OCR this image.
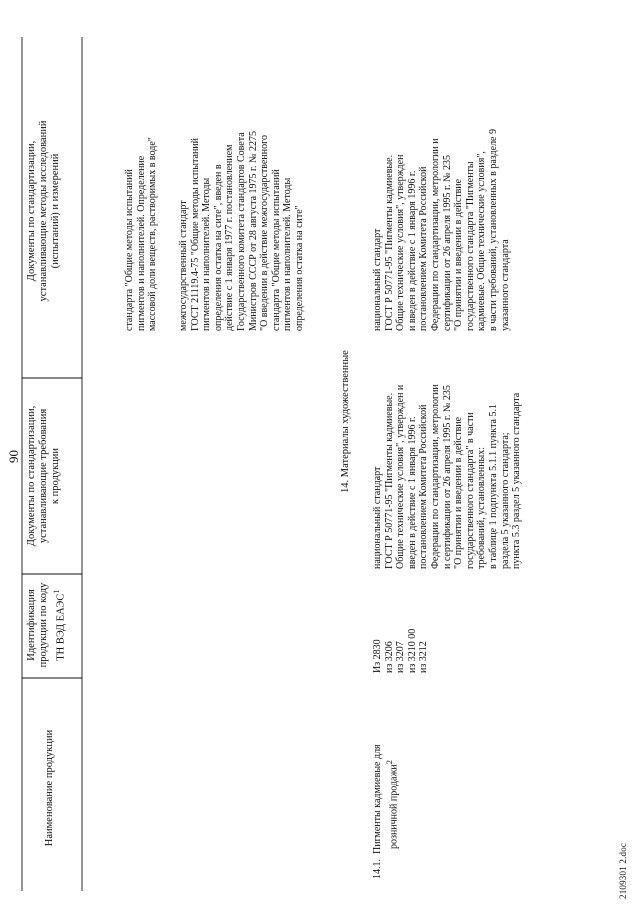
90
Наименование продукции
Идентификация продукции по коду ТН ВЭД ЕАЭС$^1$
Документы по стандартизации, устанавливающие требования к продукции
Документы по стандартизации, устанавливающие методы исследований (испытаний) и измерений	стандарта "Общие методы испытаний пигментов и наполнителей. Определение массовой доли веществ, растворимых в воде" межгосударственный стандарт ГОСТ 21119.4-75 "Общие методы испытаний пигментов и наполнителей. Методы определения остатка на сите", введен в действие с 1 января 1977 г. постановлением Государственного комитета стандартов Совета Министров СССР от 28 августа 1975 г. № 2275 "О введении в действие межгосударственного стандарта "Общие методы испытаний пигментов и наполнителей. Методы определения остатка на сите"

14. Материалы художественные
14.1.  Пигменты кадмиевые для розничной продажи$^2$

Из 2830 из 3206 из 3207 из 3210 00 из 3212

национальный стандарт ГОСТ Р 50771-95 "Пигменты кадмиевые. Общие технические условия", утвержден и введен в действие с 1 января 1996 г. постановлением Комитета Российской Федерации по стандартизации, метрологии и сертификации от 26 апреля 1995 г. № 235 "О принятии и введении в действие государственного стандарта" в части требований, установленных: в таблице 1 подпункта 5.1.1 пункта 5.1 раздела 5 указанного стандарта; пункта 5.3 раздел 5 указанного стандарта

национальный стандарт ГОСТ Р 50771-95 "Пигменты кадмиевые. Общие технические условия", утвержден и введен в действие с 1 января 1996 г. постановлением Комитета Российской Федерации по стандартизации, метрологии и сертификации от 26 апреля 1995 г. № 235 "О принятии и введении в действие государственного стандарта "Пигменты кадмиевые. Общие технические условия", в части требований, установленных в разделе 9 указанного стандарта

2109301 2.doc
